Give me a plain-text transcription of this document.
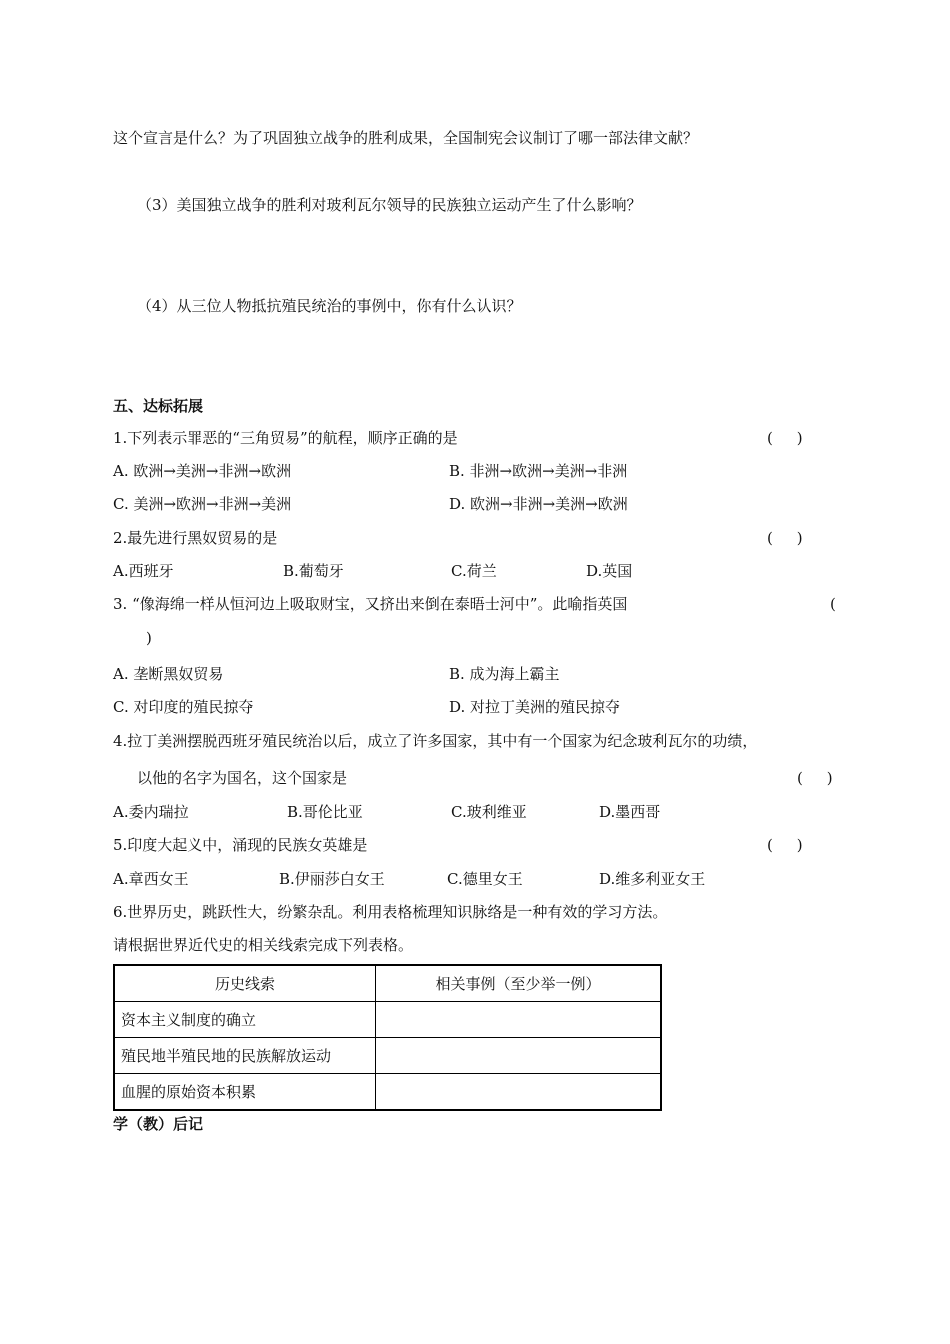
这个宣言是什么？为了巩固独立战争的胜利成果，全国制宪会议制订了哪一部法律文献？
（3）美国独立战争的胜利对玻利瓦尔领导的民族独立运动产生了什么影响？
（4）从三位人物抵抗殖民统治的事例中，你有什么认识？
五、达标拓展
1.下列表示罪恶的“三角贸易”的航程，顺序正确的是	(     )
A. 欧洲→美洲→非洲→欧洲	B. 非洲→欧洲→美洲→非洲
C. 美洲→欧洲→非洲→美洲	D. 欧洲→非洲→美洲→欧洲
2.最先进行黑奴贸易的是	(     )
A.西班牙	B.葡萄牙	C.荷兰	D.英国
3. “像海绵一样从恒河边上吸取财宝，又挤出来倒在泰晤士河中”。此喻指英国	(
)
A. 垄断黑奴贸易	B. 成为海上霸主
C. 对印度的殖民掠夺	D. 对拉丁美洲的殖民掠夺
4.拉丁美洲摆脱西班牙殖民统治以后，成立了许多国家，其中有一个国家为纪念玻利瓦尔的功绩，
以他的名字为国名，这个国家是	(     )
A.委内瑞拉	B.哥伦比亚	C.玻利维亚	D.墨西哥
5.印度大起义中，涌现的民族女英雄是	(     )
A.章西女王	B.伊丽莎白女王	C.德里女王	D.维多利亚女王
6.世界历史，跳跃性大，纷繁杂乱。利用表格梳理知识脉络是一种有效的学习方法。
请根据世界近代史的相关线索完成下列表格。
历史线索	相关事例（至少举一例）
资本主义制度的确立	
殖民地半殖民地的民族解放运动	
血腥的原始资本积累	
学（教）后记
